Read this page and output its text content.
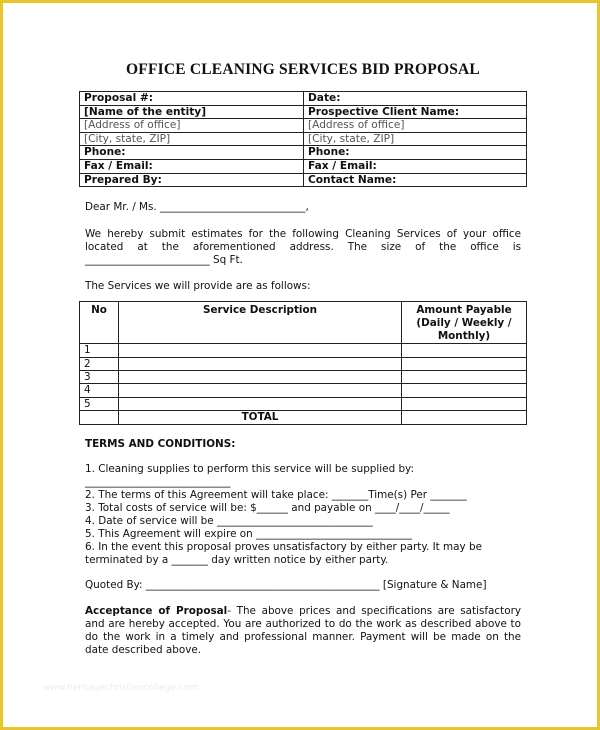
OFFICE CLEANING SERVICES BID PROPOSAL
Proposal #:	Date:
[Name of the entity]	Prospective Client Name:
[Address of office]	[Address of office]
[City, state, ZIP]	[City, state, ZIP]
Phone:	Phone:
Fax / Email:	Fax / Email:
Prepared By:	Contact Name:
Dear Mr. / Ms. ____________________________,
We hereby submit estimates for the following Cleaning Services of your office located at the aforementioned address. The size of the office is ________________________ Sq Ft.
The Services we will provide are as follows:
No	Service Description	Amount Payable (Daily / Weekly / Monthly)
1		
2		
3		
4		
5		
	TOTAL	
TERMS AND CONDITIONS:
1. Cleaning supplies to perform this service will be supplied by: ____________________________
2. The terms of this Agreement will take place: _______Time(s) Per _______
3. Total costs of service will be: $______ and payable on ____/____/_____
4. Date of service will be ______________________________
5. This Agreement will expire on ______________________________
6. In the event this proposal proves unsatisfactory by either party. It may be terminated by a _______ day written notice by either party.
Quoted By: _____________________________________________ [Signature & Name]
Acceptance of Proposal- The above prices and specifications are satisfactory and are hereby accepted. You are authorized to do the work as described above to do the work in a timely and professional manner. Payment will be made on the date described above.
www.heritagechristiancollege.com
